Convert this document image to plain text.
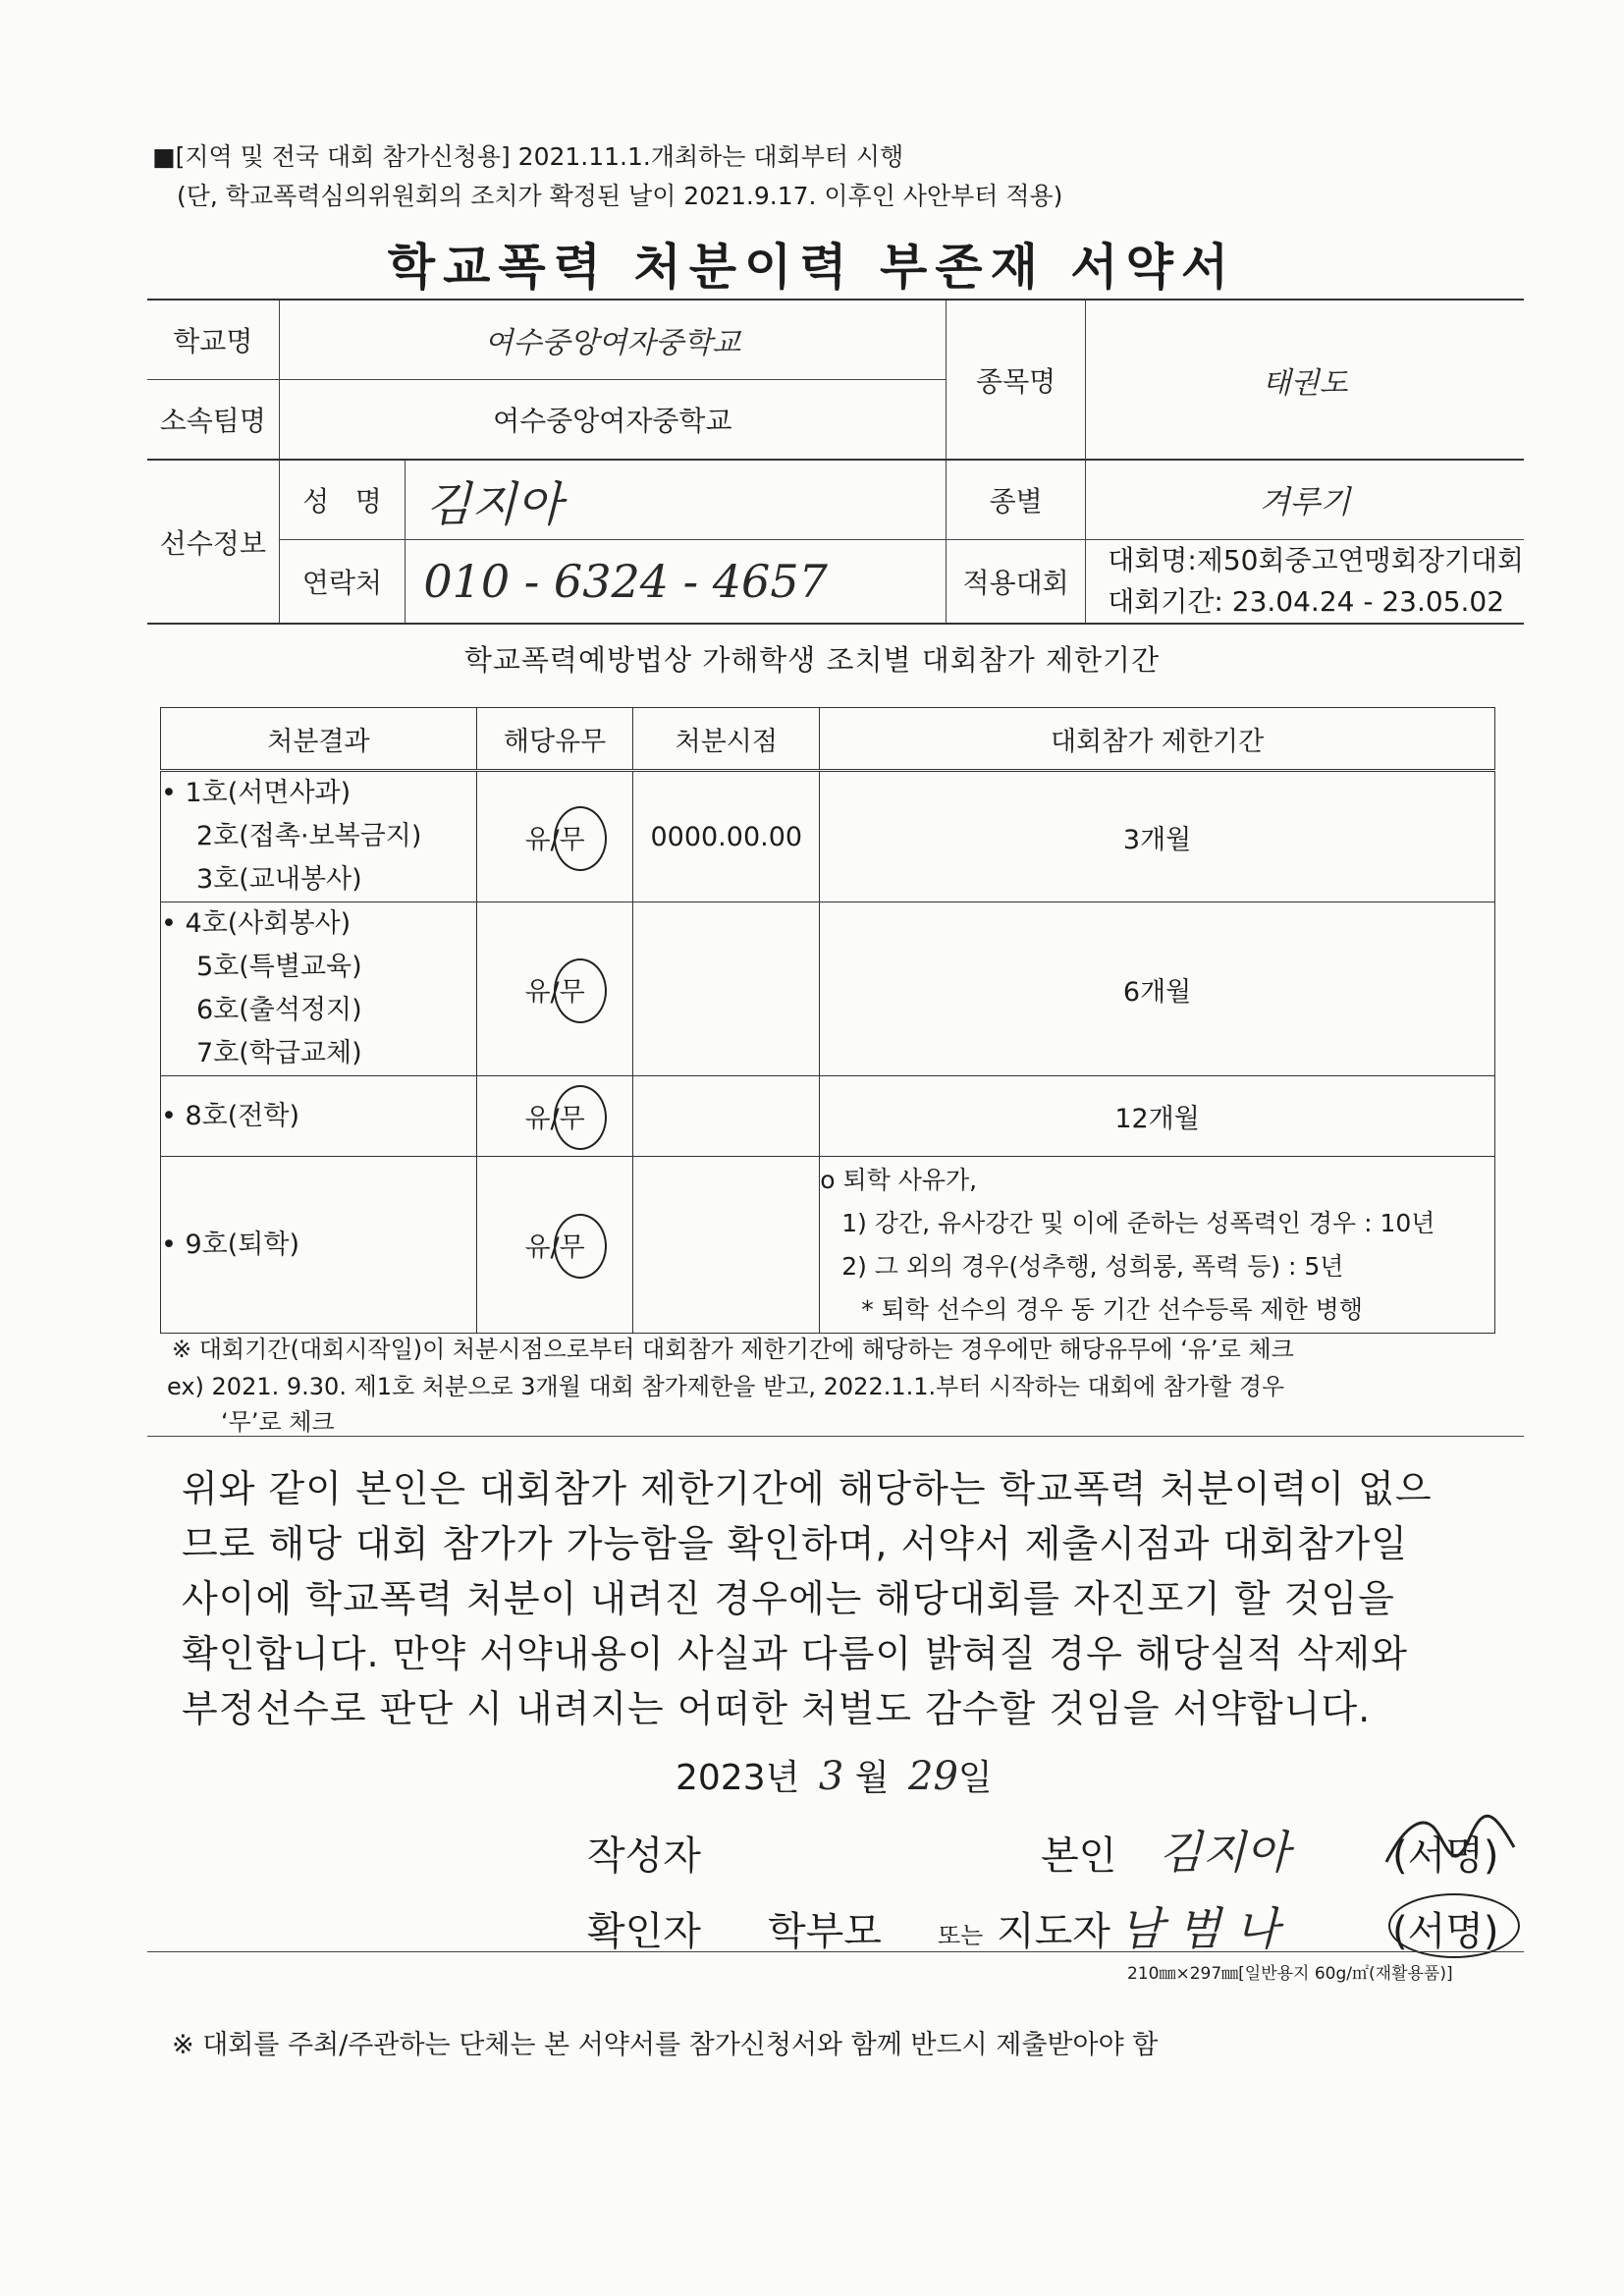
■[지역 및 전국 대회 참가신청용] 2021.11.1.개최하는 대회부터 시행
(단, 학교폭력심의위원회의 조치가 확정된 날이 2021.9.17. 이후인 사안부터 적용)
학교폭력 처분이력 부존재 서약서
학교명	여수중앙여자중학교		종목명	태권도
소속팀명	여수중앙여자중학교			
선수정보	성   명	김지아	종별	겨루기
	연락처	010 - 6324 - 4657	적용대회	대회명:제50회중고연맹회장기대회
대회기간: 23.04.24 - 23.05.02
학교폭력예방법상 가해학생 조치별 대회참가 제한기간
처분결과	해당유무	처분시점	대회참가 제한기간

• 1호(서면사과)
2호(접촉·보복금지)
3호(교내봉사)	유/무	0000.00.00	3개월

• 4호(사회봉사)
5호(특별교육)
6호(출석정지)
7호(학급교체)	유/무		6개월

• 8호(전학)	유/무		12개월

• 9호(퇴학)	유/무		o 퇴학 사유가,
1) 강간, 유사강간 및 이에 준하는 성폭력인 경우 : 10년
2) 그 외의 경우(성추행, 성희롱, 폭력 등) : 5년
* 퇴학 선수의 경우 동 기간 선수등록 제한 병행
※ 대회기간(대회시작일)이 처분시점으로부터 대회참가 제한기간에 해당하는 경우에만 해당유무에 ‘유’로 체크
ex) 2021. 9.30. 제1호 처분으로 3개월 대회 참가제한을 받고, 2022.1.1.부터 시작하는 대회에 참가할 경우
‘무’로 체크

위와 같이 본인은 대회참가 제한기간에 해당하는 학교폭력 처분이력이 없으

므로 해당 대회 참가가 가능함을 확인하며, 서약서 제출시점과 대회참가일

사이에 학교폭력 처분이 내려진 경우에는 해당대회를 자진포기 할 것임을

확인합니다. 만약 서약내용이 사실과 다름이 밝혀질 경우 해당실적 삭제와

부정선수로 판단 시 내려지는 어떠한 처벌도 감수할 것임을 서약합니다.

2023년 3 월 29일
작성자	본인 김지아	(서명)
확인자 학부모 또는 지도자 남 범 나	(서명)
210㎜×297㎜[일반용지 60g/㎡(재활용품)]
※ 대회를 주최/주관하는 단체는 본 서약서를 참가신청서와 함께 반드시 제출받아야 함
